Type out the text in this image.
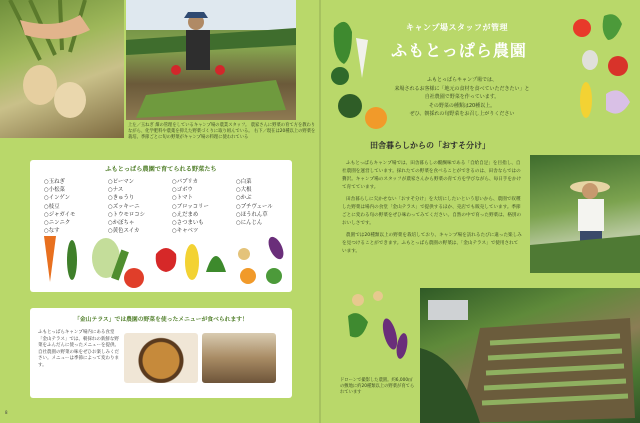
上左／玉ねぎ 畑の管理をしているキャンプ場の農業スタッフ。 農家さんに野菜の育て方を教わりながら、化学肥料や農薬を抑えた野菜づくりに取り組んでいる。 右下／現在は20種以上の野菜を栽培。季節ごとに旬の野菜がキャンプ場の料理に使われている
ドローンで撮影した農園。約6,000㎡の敷地に約20種類以上の野菜が育てられています
ふもとっぱら農園で育てられる野菜たち
○玉ねぎ
○小松菜
○インゲン
○枝豆
○ジャガイモ
○ニンニク
○なす
○ピーマン
○ナス
○きゅうり
○ズッキーニ
○トウモロコシ
○かぼちゃ
○黄色スイカ
○パプリカ
○ゴボウ
○トマト
○ブロッコリー
○えだまめ
○さつまいも
○キャベツ
○白菜
○大根
○かぶ
○プチヴェール
○ほうれん草
○にんじん
「金山テラス」では農園の野菜を使ったメニューが食べられます！
ふもとっぱらキャンプ場内にある食堂「金山テラス」では、朝採れの新鮮な野菜をふんだんに使ったメニューを提供。自社農園の野菜の味をぜひお楽しみください。メニューは季節によって変わります。
キャンプ場スタッフが管理
ふもとっぱら農園
ふもとっぱらキャンプ場では、
来場されるお客様に「地元の食材を食べていただきたい」と
自社農園で野菜を作っています。
その野菜の種類は20種以上。
ぜひ、朝採れの旬野菜をお召し上がりください
田舎暮らしからの「おすそ分け」

ふもとっぱらキャンプ場では、田舎暮らしの醍醐味である「自給自足」を目指し、自社農園を運営しています。採れたての野菜を食べることができるのは、田舎ならではの贅沢。キャンプ場のスタッフが農家さんから野菜の育て方を学びながら、毎日手をかけて育てています。

田舎暮らしに欠かせない「おすそ分け」を大切にしたいという思いから、農園で収穫した野菜は場内の食堂「金山テラス」で提供するほか、売店でも販売しています。季節ごとに変わる旬の野菜をぜひ味わってみてください。自然の中で育った野菜は、格別のおいしさです。

農園では20種類以上の野菜を栽培しており、キャンプ場を訪れるたびに違った楽しみを見つけることができます。ふもとっぱら農園の野菜は、「金山テラス」で使用されています。

8
